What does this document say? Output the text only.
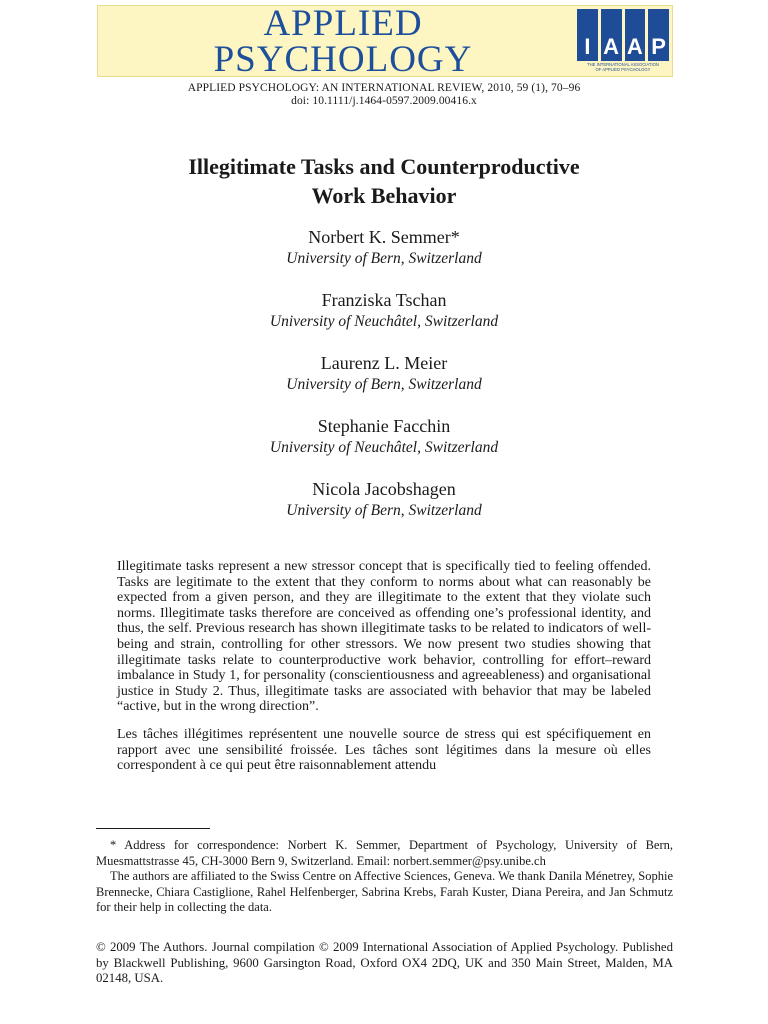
APPLIED
PSYCHOLOGY	I A A P
THE INTERNATIONAL ASSOCIATION
OF APPLIED PSYCHOLOGY
APPLIED PSYCHOLOGY: AN INTERNATIONAL REVIEW, 2010, 59 (1), 70–96
doi: 10.1111/j.1464-0597.2009.00416.x
Illegitimate Tasks and Counterproductive
Work Behavior
Norbert K. Semmer*
University of Bern, Switzerland
Franziska Tschan
University of Neuchâtel, Switzerland
Laurenz L. Meier
University of Bern, Switzerland
Stephanie Facchin
University of Neuchâtel, Switzerland
Nicola Jacobshagen
University of Bern, Switzerland

Illegitimate tasks represent a new stressor concept that is specifically tied to feeling offended. Tasks are legitimate to the extent that they conform to norms about what can reasonably be expected from a given person, and they are illegitimate to the extent that they violate such norms. Illegitimate tasks therefore are conceived as offending one’s professional identity, and thus, the self. Previous research has shown illegitimate tasks to be related to indicators of well-being and strain, controlling for other stressors. We now present two studies showing that illegitimate tasks relate to counterproductive work behavior, controlling for effort–reward imbalance in Study 1, for personality (conscientiousness and agreeableness) and organisational justice in Study 2. Thus, illegitimate tasks are associated with behavior that may be labeled “active, but in the wrong direction”.

Les tâches illégitimes représentent une nouvelle source de stress qui est spécifiquement en rapport avec une sensibilité froissée. Les tâches sont légitimes dans la mesure où elles correspondent à ce qui peut être raisonnablement attendu

* Address for correspondence: Norbert K. Semmer, Department of Psychology, University of Bern, Muesmattstrasse 45, CH-3000 Bern 9, Switzerland. Email: norbert.semmer@psy.unibe.ch

The authors are affiliated to the Swiss Centre on Affective Sciences, Geneva. We thank Danila Ménetrey, Sophie Brennecke, Chiara Castiglione, Rahel Helfenberger, Sabrina Krebs, Farah Kuster, Diana Pereira, and Jan Schmutz for their help in collecting the data.

© 2009 The Authors. Journal compilation © 2009 International Association of Applied Psychology. Published by Blackwell Publishing, 9600 Garsington Road, Oxford OX4 2DQ, UK and 350 Main Street, Malden, MA 02148, USA.
